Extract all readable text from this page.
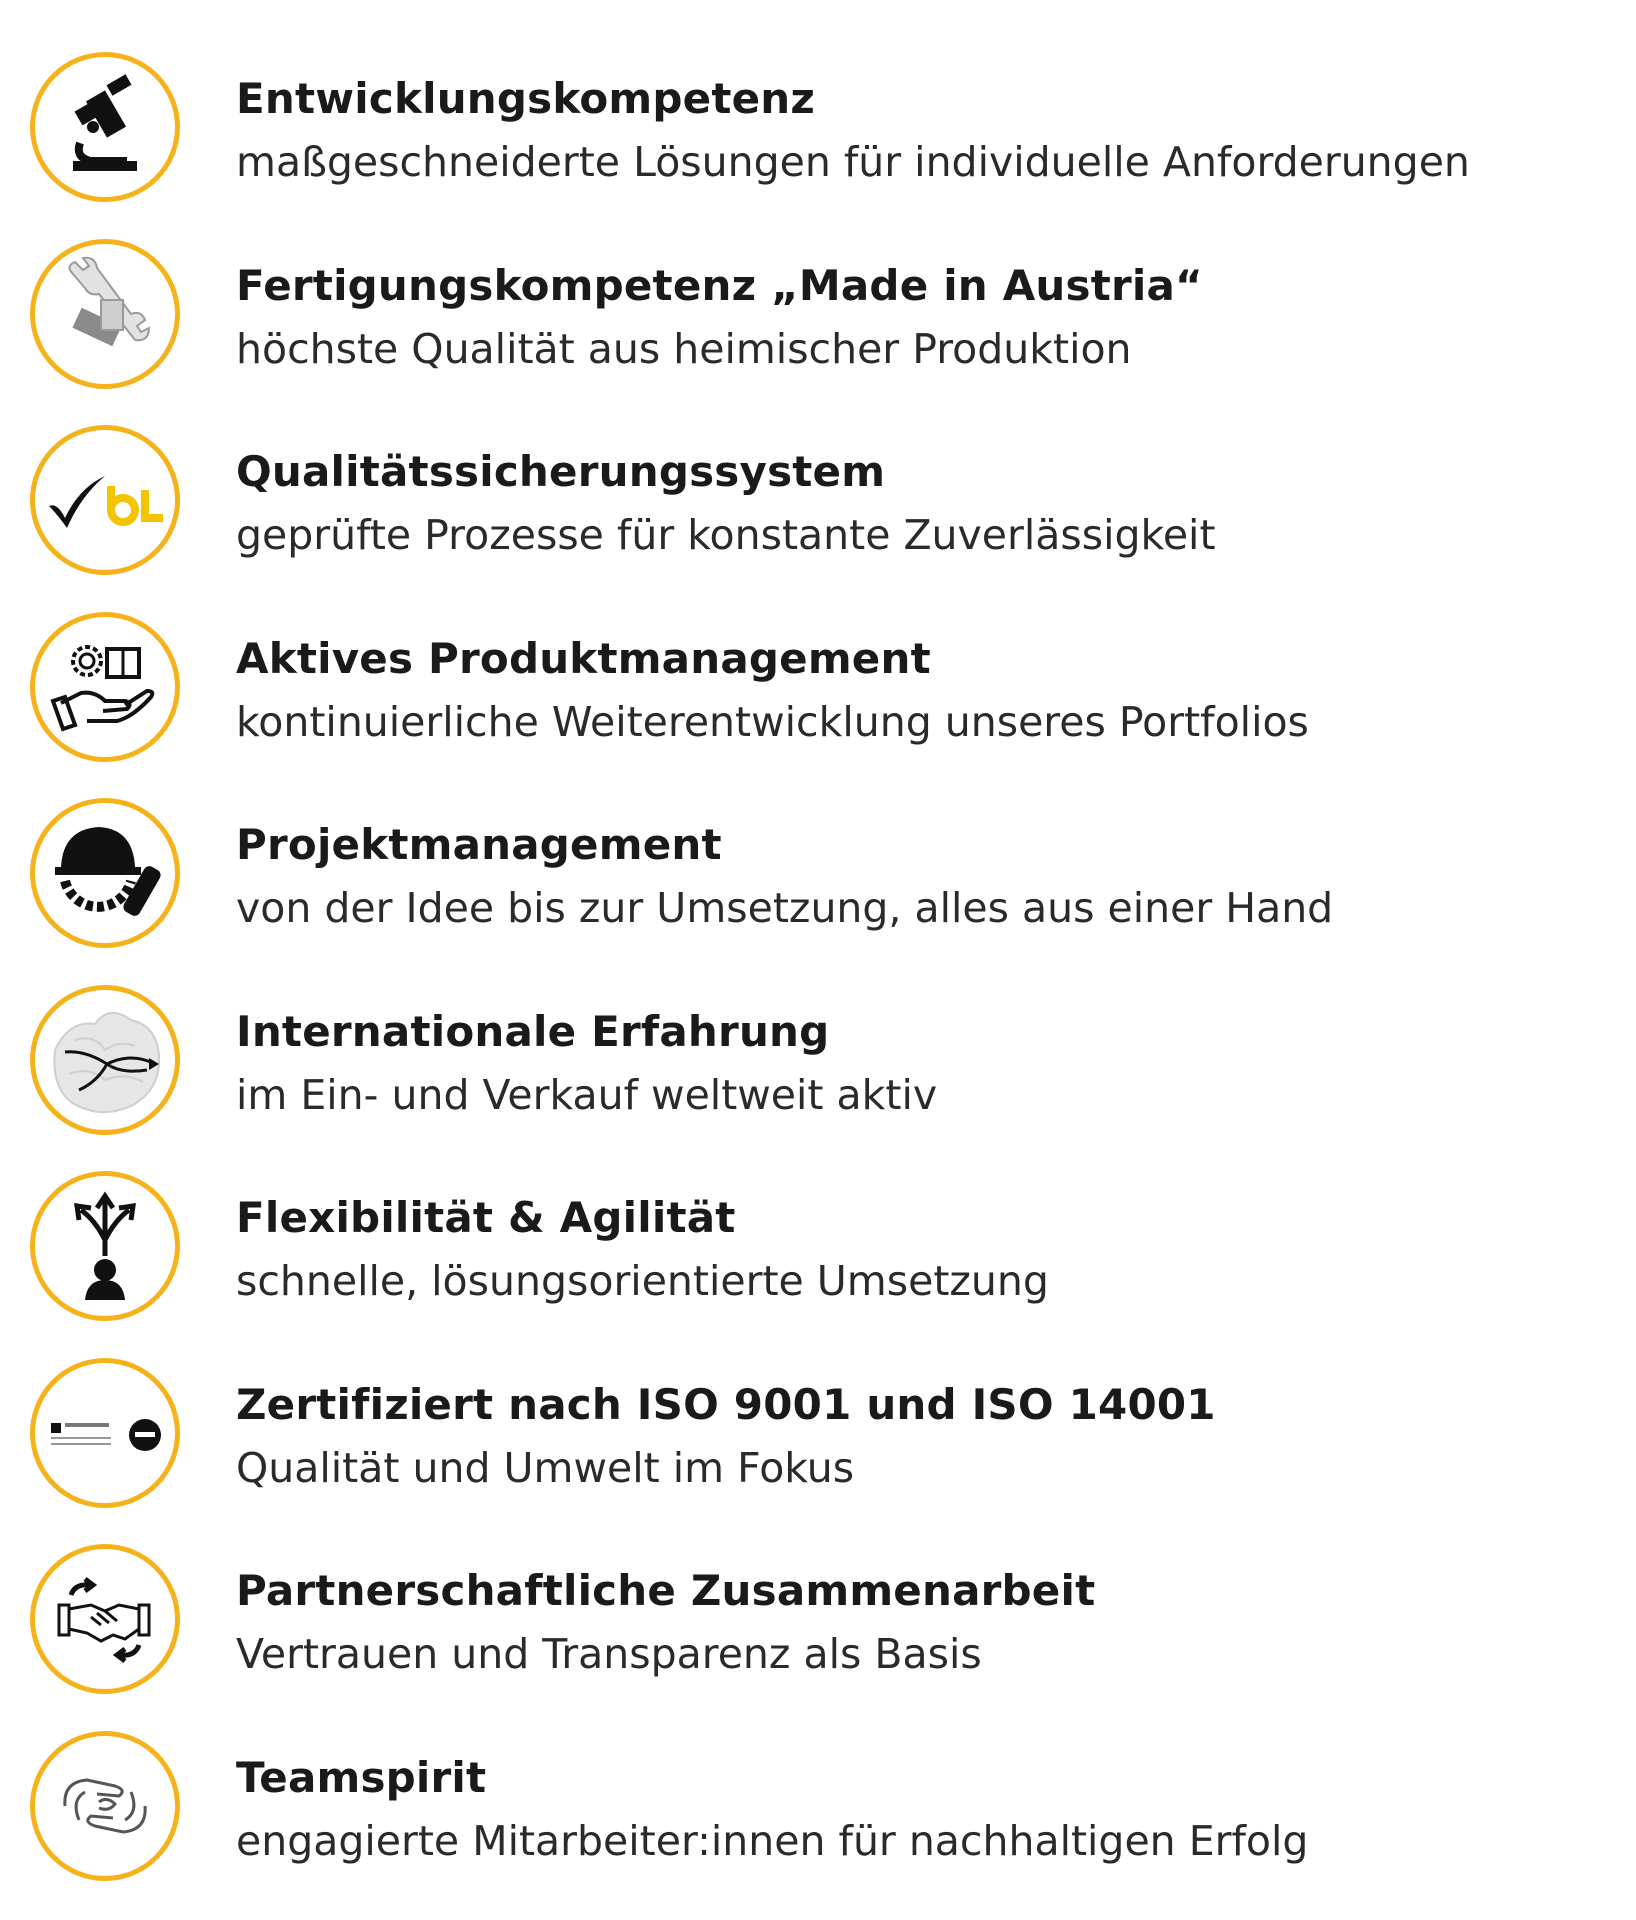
Entwicklungskompetenz
maßgeschneiderte Lösungen für individuelle Anforderungen
Fertigungskompetenz „Made in Austria“
höchste Qualität aus heimischer Produktion
Qualitätssicherungssystem
geprüfte Prozesse für konstante Zuverlässigkeit
Aktives Produktmanagement
kontinuierliche Weiterentwicklung unseres Portfolios
Projektmanagement
von der Idee bis zur Umsetzung, alles aus einer Hand
Internationale Erfahrung
im Ein- und Verkauf weltweit aktiv
Flexibilität & Agilität
schnelle, lösungsorientierte Umsetzung
Zertifiziert nach ISO 9001 und ISO 14001
Qualität und Umwelt im Fokus
Partnerschaftliche Zusammenarbeit
Vertrauen und Transparenz als Basis
Teamspirit
engagierte Mitarbeiter:innen für nachhaltigen Erfolg
